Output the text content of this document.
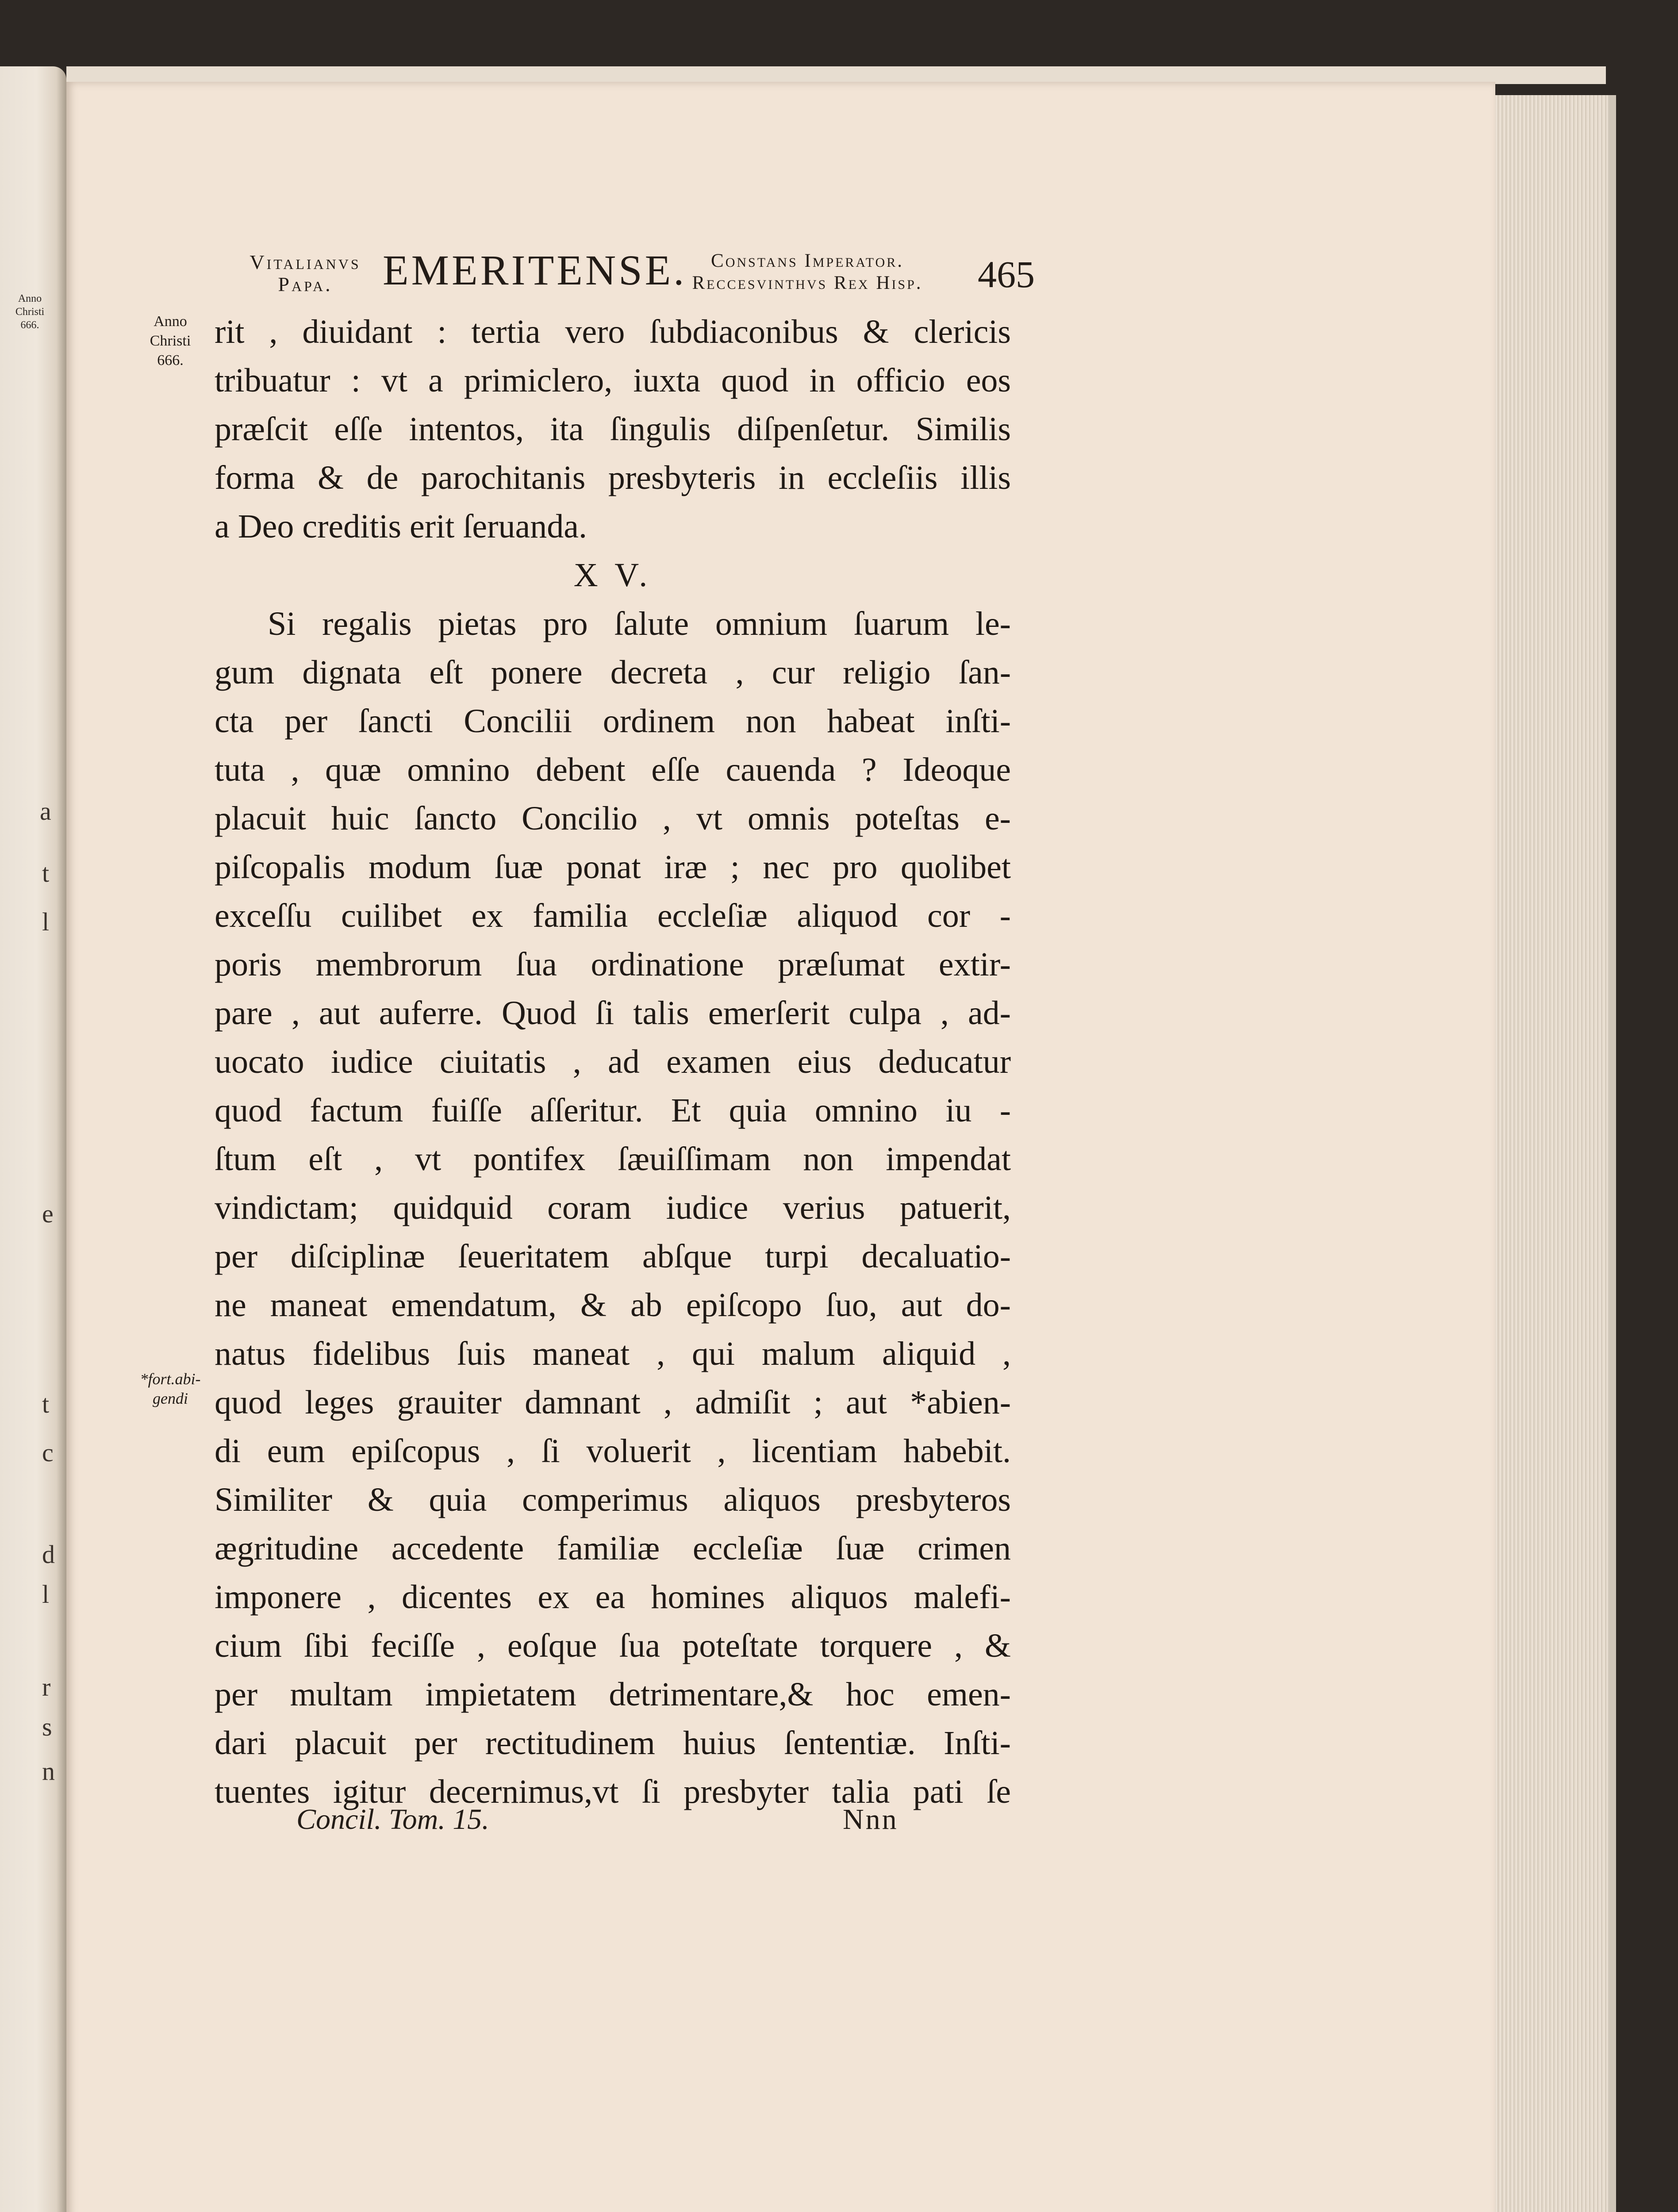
Anno
Christi
666.
a
t
l
e
t
c
d
l
r
s
n
Vitalianvs
Papa.	EMERITENSE.	Constans Imperator.
Reccesvinthvs Rex Hisp.	465
Anno
Christi
666.
*fort.abi-
gendi
rit , diuidant : tertia vero ſubdiaconibus & clericis
tribuatur : vt a primiclero, iuxta quod in officio eos
præſcit eſſe intentos, ita ſingulis diſpenſetur. Similis
forma & de parochitanis presbyteris in eccleſiis illis
a Deo creditis erit ſeruanda.
X V.
Si regalis pietas pro ſalute omnium ſuarum le-
gum dignata eſt ponere decreta , cur religio ſan-
cta per ſancti Concilii ordinem non habeat inſti-
tuta , quæ omnino debent eſſe cauenda ? Ideoque
placuit huic ſancto Concilio , vt omnis poteſtas e-
piſcopalis modum ſuæ ponat iræ ; nec pro quolibet
exceſſu cuilibet ex familia eccleſiæ aliquod cor -
poris membrorum ſua ordinatione præſumat extir-
pare , aut auferre. Quod ſi talis emerſerit culpa , ad-
uocato iudice ciuitatis , ad examen eius deducatur
quod factum fuiſſe aſſeritur. Et quia omnino iu -
ſtum eſt , vt pontifex ſæuiſſimam non impendat
vindictam; quidquid coram iudice verius patuerit,
per diſciplinæ ſeueritatem abſque turpi decaluatio-
ne maneat emendatum, & ab epiſcopo ſuo, aut do-
natus fidelibus ſuis maneat , qui malum aliquid ,
quod leges grauiter damnant , admiſit ; aut *abien-
di eum epiſcopus , ſi voluerit , licentiam habebit.
Similiter & quia comperimus aliquos presbyteros
ægritudine accedente familiæ eccleſiæ ſuæ crimen
imponere , dicentes ex ea homines aliquos malefi-
cium ſibi feciſſe , eoſque ſua poteſtate torquere , &
per multam impietatem detrimentare,& hoc emen-
dari placuit per rectitudinem huius ſententiæ. Inſti-
tuentes igitur decernimus,vt ſi presbyter talia pati ſe
Concil. Tom. 15.	Nnn
